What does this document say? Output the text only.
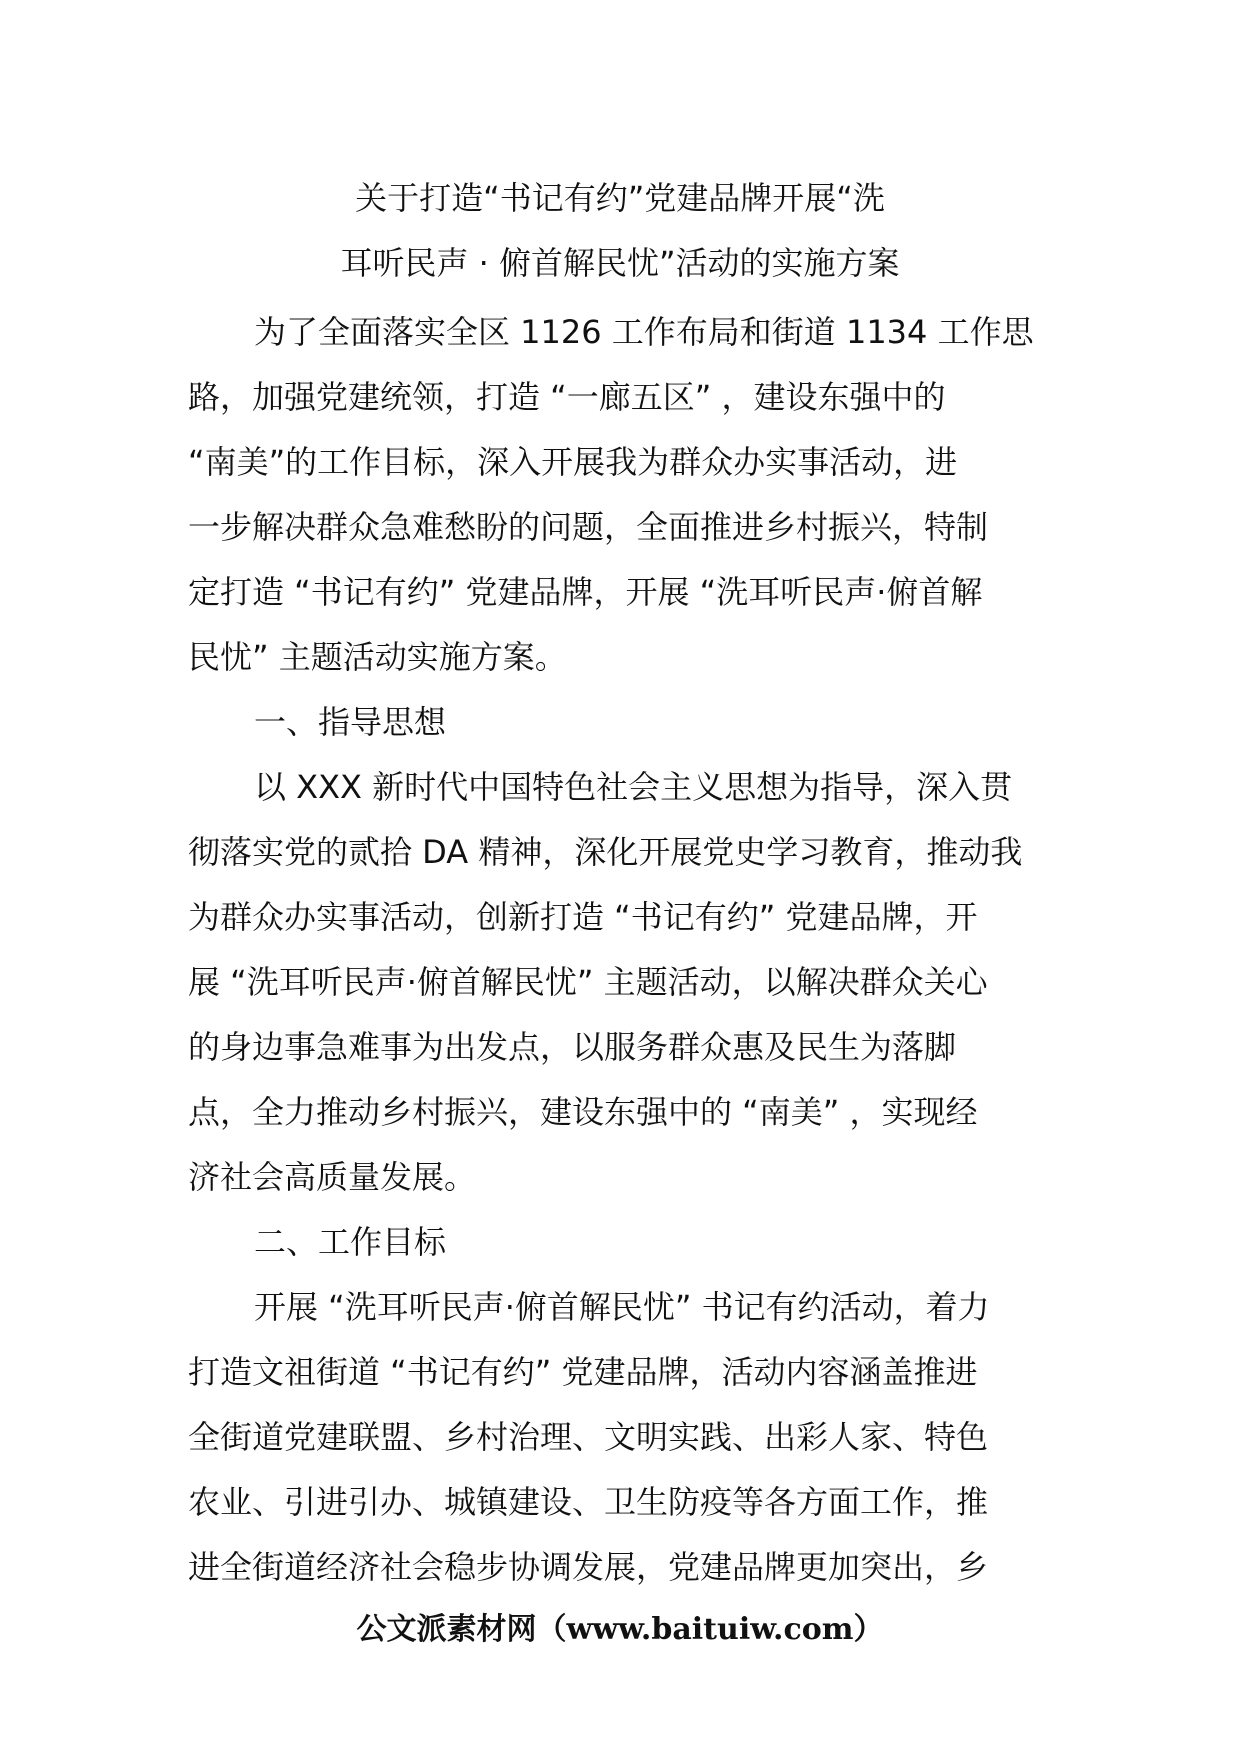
关于打造“书记有约”党建品牌开展“洗
耳听民声 · 俯首解民忧”活动的实施方案
为了全面落实全区 1126 工作布局和街道 1134 工作思
路，加强党建统领，打造 “一廊五区” ，建设东强中的
“南美”的工作目标，深入开展我为群众办实事活动，进
一步解决群众急难愁盼的问题，全面推进乡村振兴，特制
定打造 “书记有约” 党建品牌，开展 “洗耳听民声·俯首解
民忧” 主题活动实施方案。
一、指导思想
以 XXX 新时代中国特色社会主义思想为指导，深入贯
彻落实党的贰拾 DA 精神，深化开展党史学习教育，推动我
为群众办实事活动，创新打造 “书记有约” 党建品牌，开
展 “洗耳听民声·俯首解民忧” 主题活动，以解决群众关心
的身边事急难事为出发点，以服务群众惠及民生为落脚
点，全力推动乡村振兴，建设东强中的 “南美” ，实现经
济社会高质量发展。
二、工作目标
开展 “洗耳听民声·俯首解民忧” 书记有约活动，着力
打造文祖街道 “书记有约” 党建品牌，活动内容涵盖推进
全街道党建联盟、乡村治理、文明实践、出彩人家、特色
农业、引进引办、城镇建设、卫生防疫等各方面工作，推
进全街道经济社会稳步协调发展，党建品牌更加突出，乡
公文派素材网（www.baituiw.com）
